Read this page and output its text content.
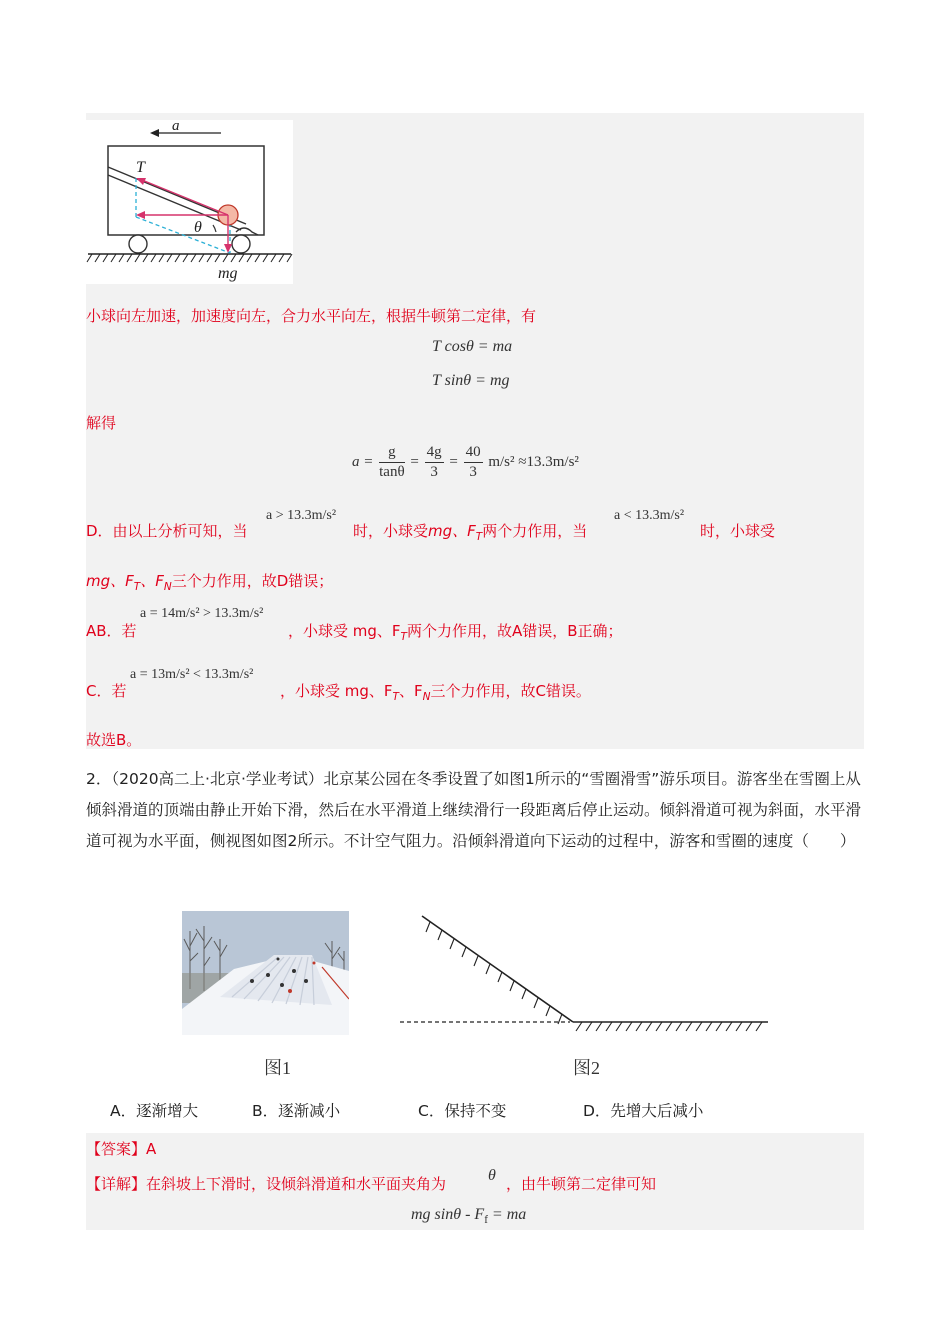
a
T
θ
mg
小球向左加速，加速度向左，合力水平向左，根据牛顿第二定律，有
T cosθ = ma
T sinθ = mg
解得
$a = \frac{g}{\tan\theta} = \frac{4g}{3} = \frac{40}{3} m/s^2 \approx 13.3m/s^2$
D．由以上分析可知，当
a > 13.3m/s²
时，小球受mg、$F_T$两个力作用，当
a < 13.3m/s²
时，小球受
mg、$F_T$、$F_N$三个力作用，故D错误；
AB．若
a = 14m/s² > 13.3m/s²
，小球受 mg、$F_T$两个力作用，故A错误，B正确；
C．若
a = 13m/s² < 13.3m/s²
，小球受 mg、$F_T$、$F_N$三个力作用，故C错误。
故选B。
2．（2020高二上·北京·学业考试）北京某公园在冬季设置了如图1所示的“雪圈滑雪”游乐项目。游客坐在雪圈上从倾斜滑道的顶端由静止开始下滑，然后在水平滑道上继续滑行一段距离后停止运动。倾斜滑道可视为斜面，水平滑道可视为水平面，侧视图如图2所示。不计空气阻力。沿倾斜滑道向下运动的过程中，游客和雪圈的速度（　　）
图1	图2
A．逐渐增大	B．逐渐减小	C．保持不变	D．先增大后减小
【答案】A
【详解】在斜坡上下滑时，设倾斜滑道和水平面夹角为	θ ，由牛顿第二定律可知
mg sinθ - $F_f$ = ma
